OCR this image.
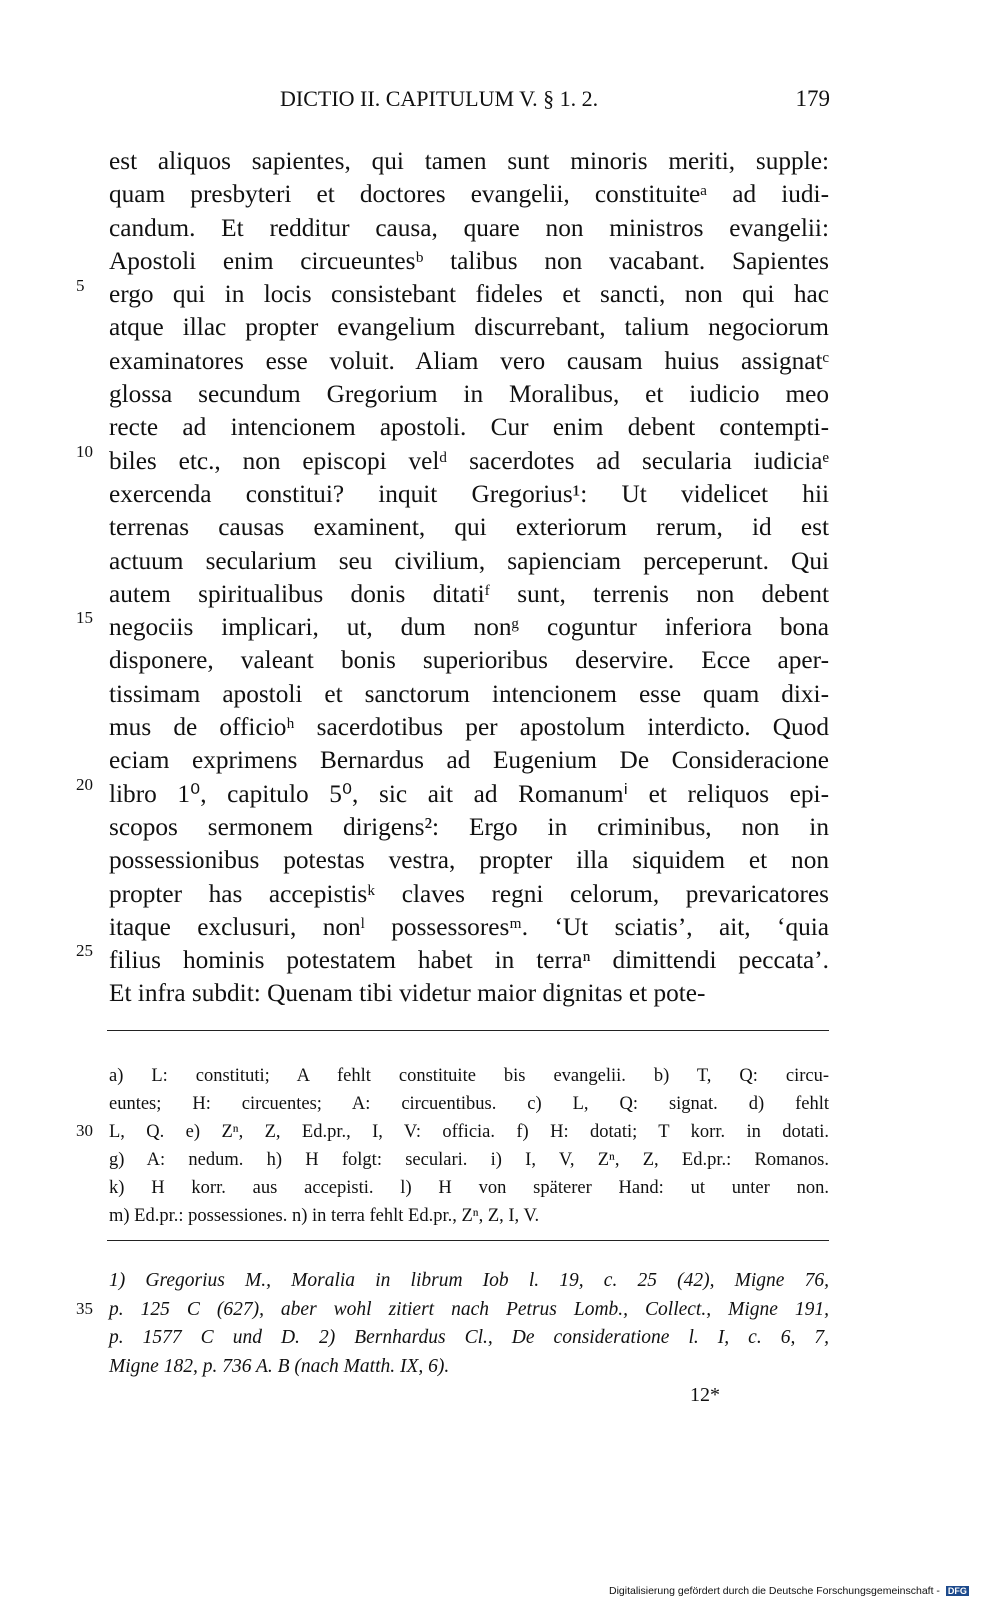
DICTIO II. CAPITULUM V. § 1. 2.	179
5
10
15
20
25
30
35
est aliquos sapientes, qui tamen sunt minoris meriti, supple:
quam presbyteri et doctores evangelii, constituiteᵃ ad iudi-
candum. Et redditur causa, quare non ministros evangelii:
Apostoli enim circueuntesᵇ talibus non vacabant. Sapientes
ergo qui in locis consistebant fideles et sancti, non qui hac
atque illac propter evangelium discurrebant, talium negociorum
examinatores esse voluit. Aliam vero causam huius assignatᶜ
glossa secundum Gregorium in Moralibus, et iudicio meo
recte ad intencionem apostoli. Cur enim debent contempti-
biles etc., non episcopi velᵈ sacerdotes ad secularia iudiciaᵉ
exercenda constitui? inquit Gregorius¹: Ut videlicet hii
terrenas causas examinent, qui exteriorum rerum, id est
actuum secularium seu civilium, sapienciam perceperunt. Qui
autem spiritualibus donis ditatiᶠ sunt, terrenis non debent
negociis implicari, ut, dum nonᵍ coguntur inferiora bona
disponere, valeant bonis superioribus deservire. Ecce aper-
tissimam apostoli et sanctorum intencionem esse quam dixi-
mus de officioʰ sacerdotibus per apostolum interdicto. Quod
eciam exprimens Bernardus ad Eugenium De Consideracione
libro 1⁰, capitulo 5⁰, sic ait ad Romanumⁱ et reliquos epi-
scopos sermonem dirigens²: Ergo in criminibus, non in
possessionibus potestas vestra, propter illa siquidem et non
propter has accepistisᵏ claves regni celorum, prevaricatores
itaque exclusuri, nonˡ possessoresᵐ. ‘Ut sciatis’, ait, ‘quia
filius hominis potestatem habet in terraⁿ dimittendi peccata’.
Et infra subdit: Quenam tibi videtur maior dignitas et pote-
a) L: constituti; A fehlt constituite bis evangelii. b) T, Q: circu-
euntes; H: circuentes; A: circuentibus. c) L, Q: signat. d) fehlt
L, Q. e) Zⁿ, Z, Ed.pr., I, V: officia. f) H: dotati; T korr. in dotati.
g) A: nedum. h) H folgt: seculari. i) I, V, Zⁿ, Z, Ed.pr.: Romanos.
k) H korr. aus accepisti. l) H von späterer Hand: ut unter non.
m) Ed.pr.: possessiones. n) in terra fehlt Ed.pr., Zⁿ, Z, I, V.
1) Gregorius M., Moralia in librum Iob l. 19, c. 25 (42), Migne 76,
p. 125 C (627), aber wohl zitiert nach Petrus Lomb., Collect., Migne 191,
p. 1577 C und D. 2) Bernhardus Cl., De consideratione l. I, c. 6, 7,
Migne 182, p. 736 A. B (nach Matth. IX, 6).
12*
Digitalisierung gefördert durch die Deutsche Forschungsgemeinschaft - DFG
